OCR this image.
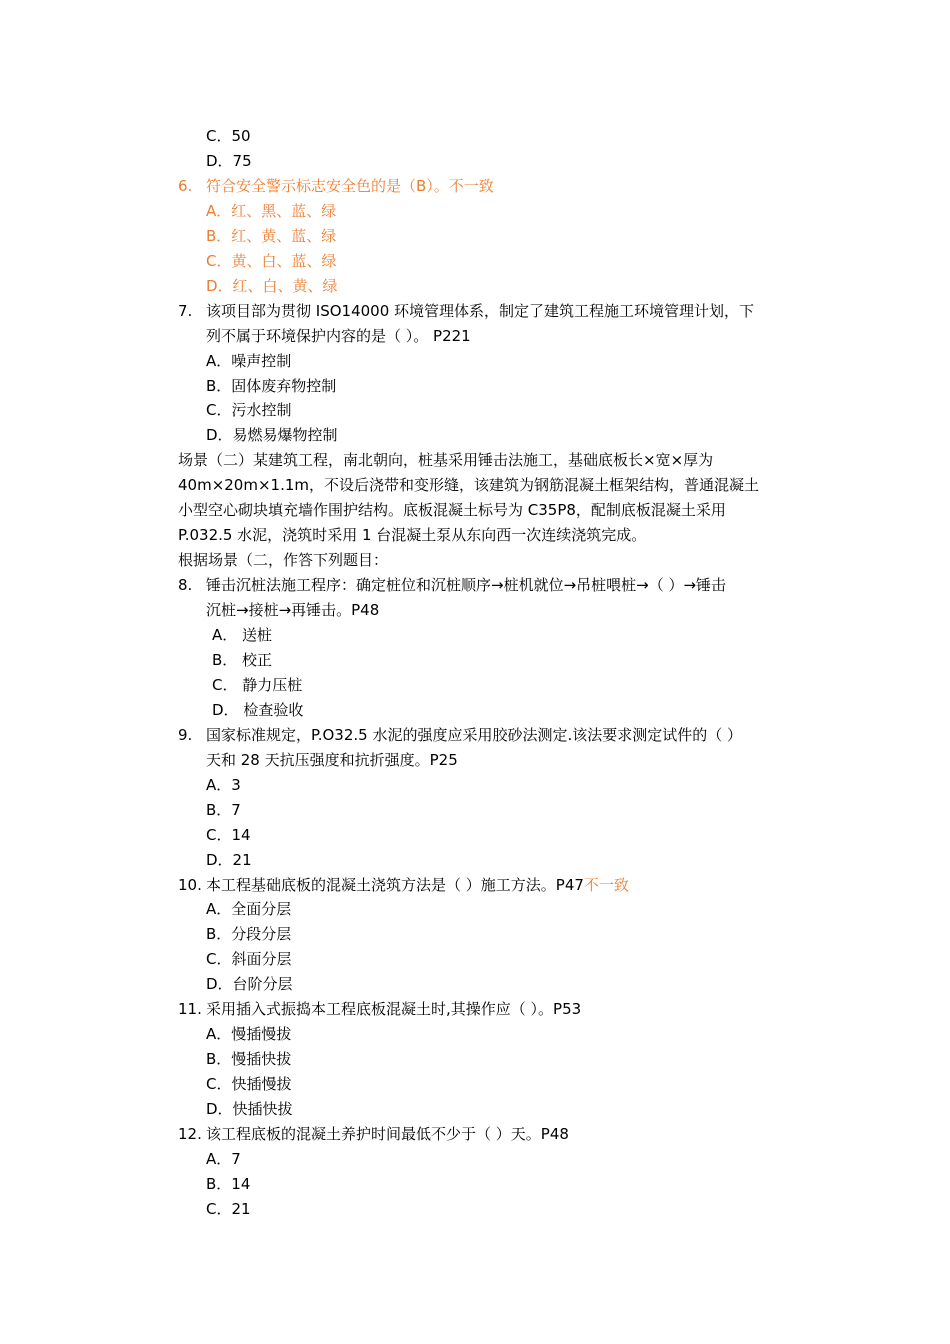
C．50
D．75
6. 符合安全警示标志安全色的是（B）。不一致
A．红、黑、蓝、绿
B．红、黄、蓝、绿
C．黄、白、蓝、绿
D．红、白、黄、绿
7. 该项目部为贯彻 ISO14000 环境管理体系，制定了建筑工程施工环境管理计划，下
列不属于环境保护内容的是（ ）。 P221
A．噪声控制
B．固体废弃物控制
C．污水控制
D．易燃易爆物控制
场景（二）某建筑工程，南北朝向，桩基采用锤击法施工，基础底板长×宽×厚为
40m×20m×1.1m，不设后浇带和变形缝，该建筑为钢筋混凝土框架结构，普通混凝土
小型空心砌块填充墙作围护结构。底板混凝土标号为 C35P8，配制底板混凝土采用
P.032.5 水泥，浇筑时采用 1 台混凝土泵从东向西一次连续浇筑完成。
根据场景（二，作答下列题目：
8. 锤击沉桩法施工程序：确定桩位和沉桩顺序→桩机就位→吊桩喂桩→（ ）→锤击
沉桩→接桩→再锤击。P48
A． 送桩
B． 校正
C． 静力压桩
D． 检查验收
9. 国家标准规定，P.O32.5 水泥的强度应采用胶砂法测定.该法要求测定试件的（ ）
天和 28 天抗压强度和抗折强度。P25
A．3
B．7
C．14
D．21
10. 本工程基础底板的混凝土浇筑方法是（ ）施工方法。P47不一致
A．全面分层
B．分段分层
C．斜面分层
D．台阶分层
11. 采用插入式振捣本工程底板混凝土时,其操作应（ ）。P53
A．慢插慢拔
B．慢插快拔
C．快插慢拔
D．快插快拔
12. 该工程底板的混凝土养护时间最低不少于（ ）天。P48
A．7
B．14
C．21
